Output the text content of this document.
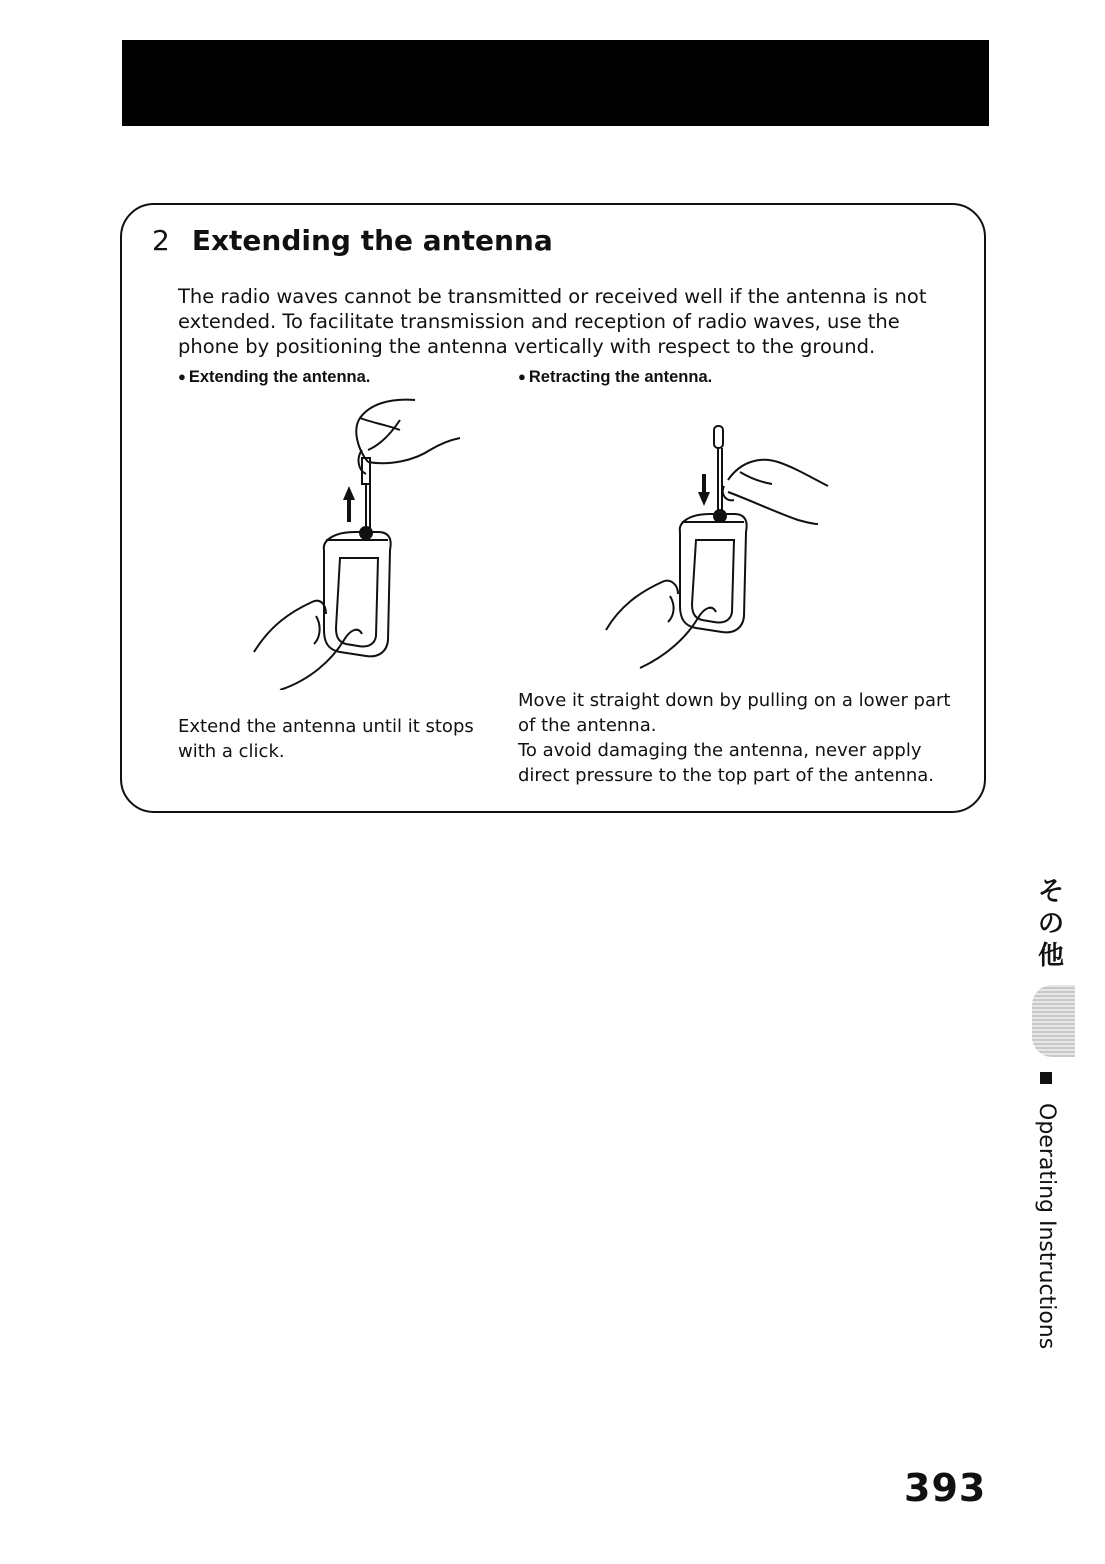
2 Extending the antenna

The radio waves cannot be transmitted or received well if the antenna is not extended. To facilitate transmission and reception of radio waves, use the phone by positioning the antenna vertically with respect to the ground.

● Extending the antenna.	● Retracting the antenna.

Extend the antenna until it stops with a click.

Move it straight down by pulling on a lower part of the antenna.
To avoid damaging the antenna, never apply direct pressure to the top part of the antenna.

そ
の
他
Operating Instructions
393
